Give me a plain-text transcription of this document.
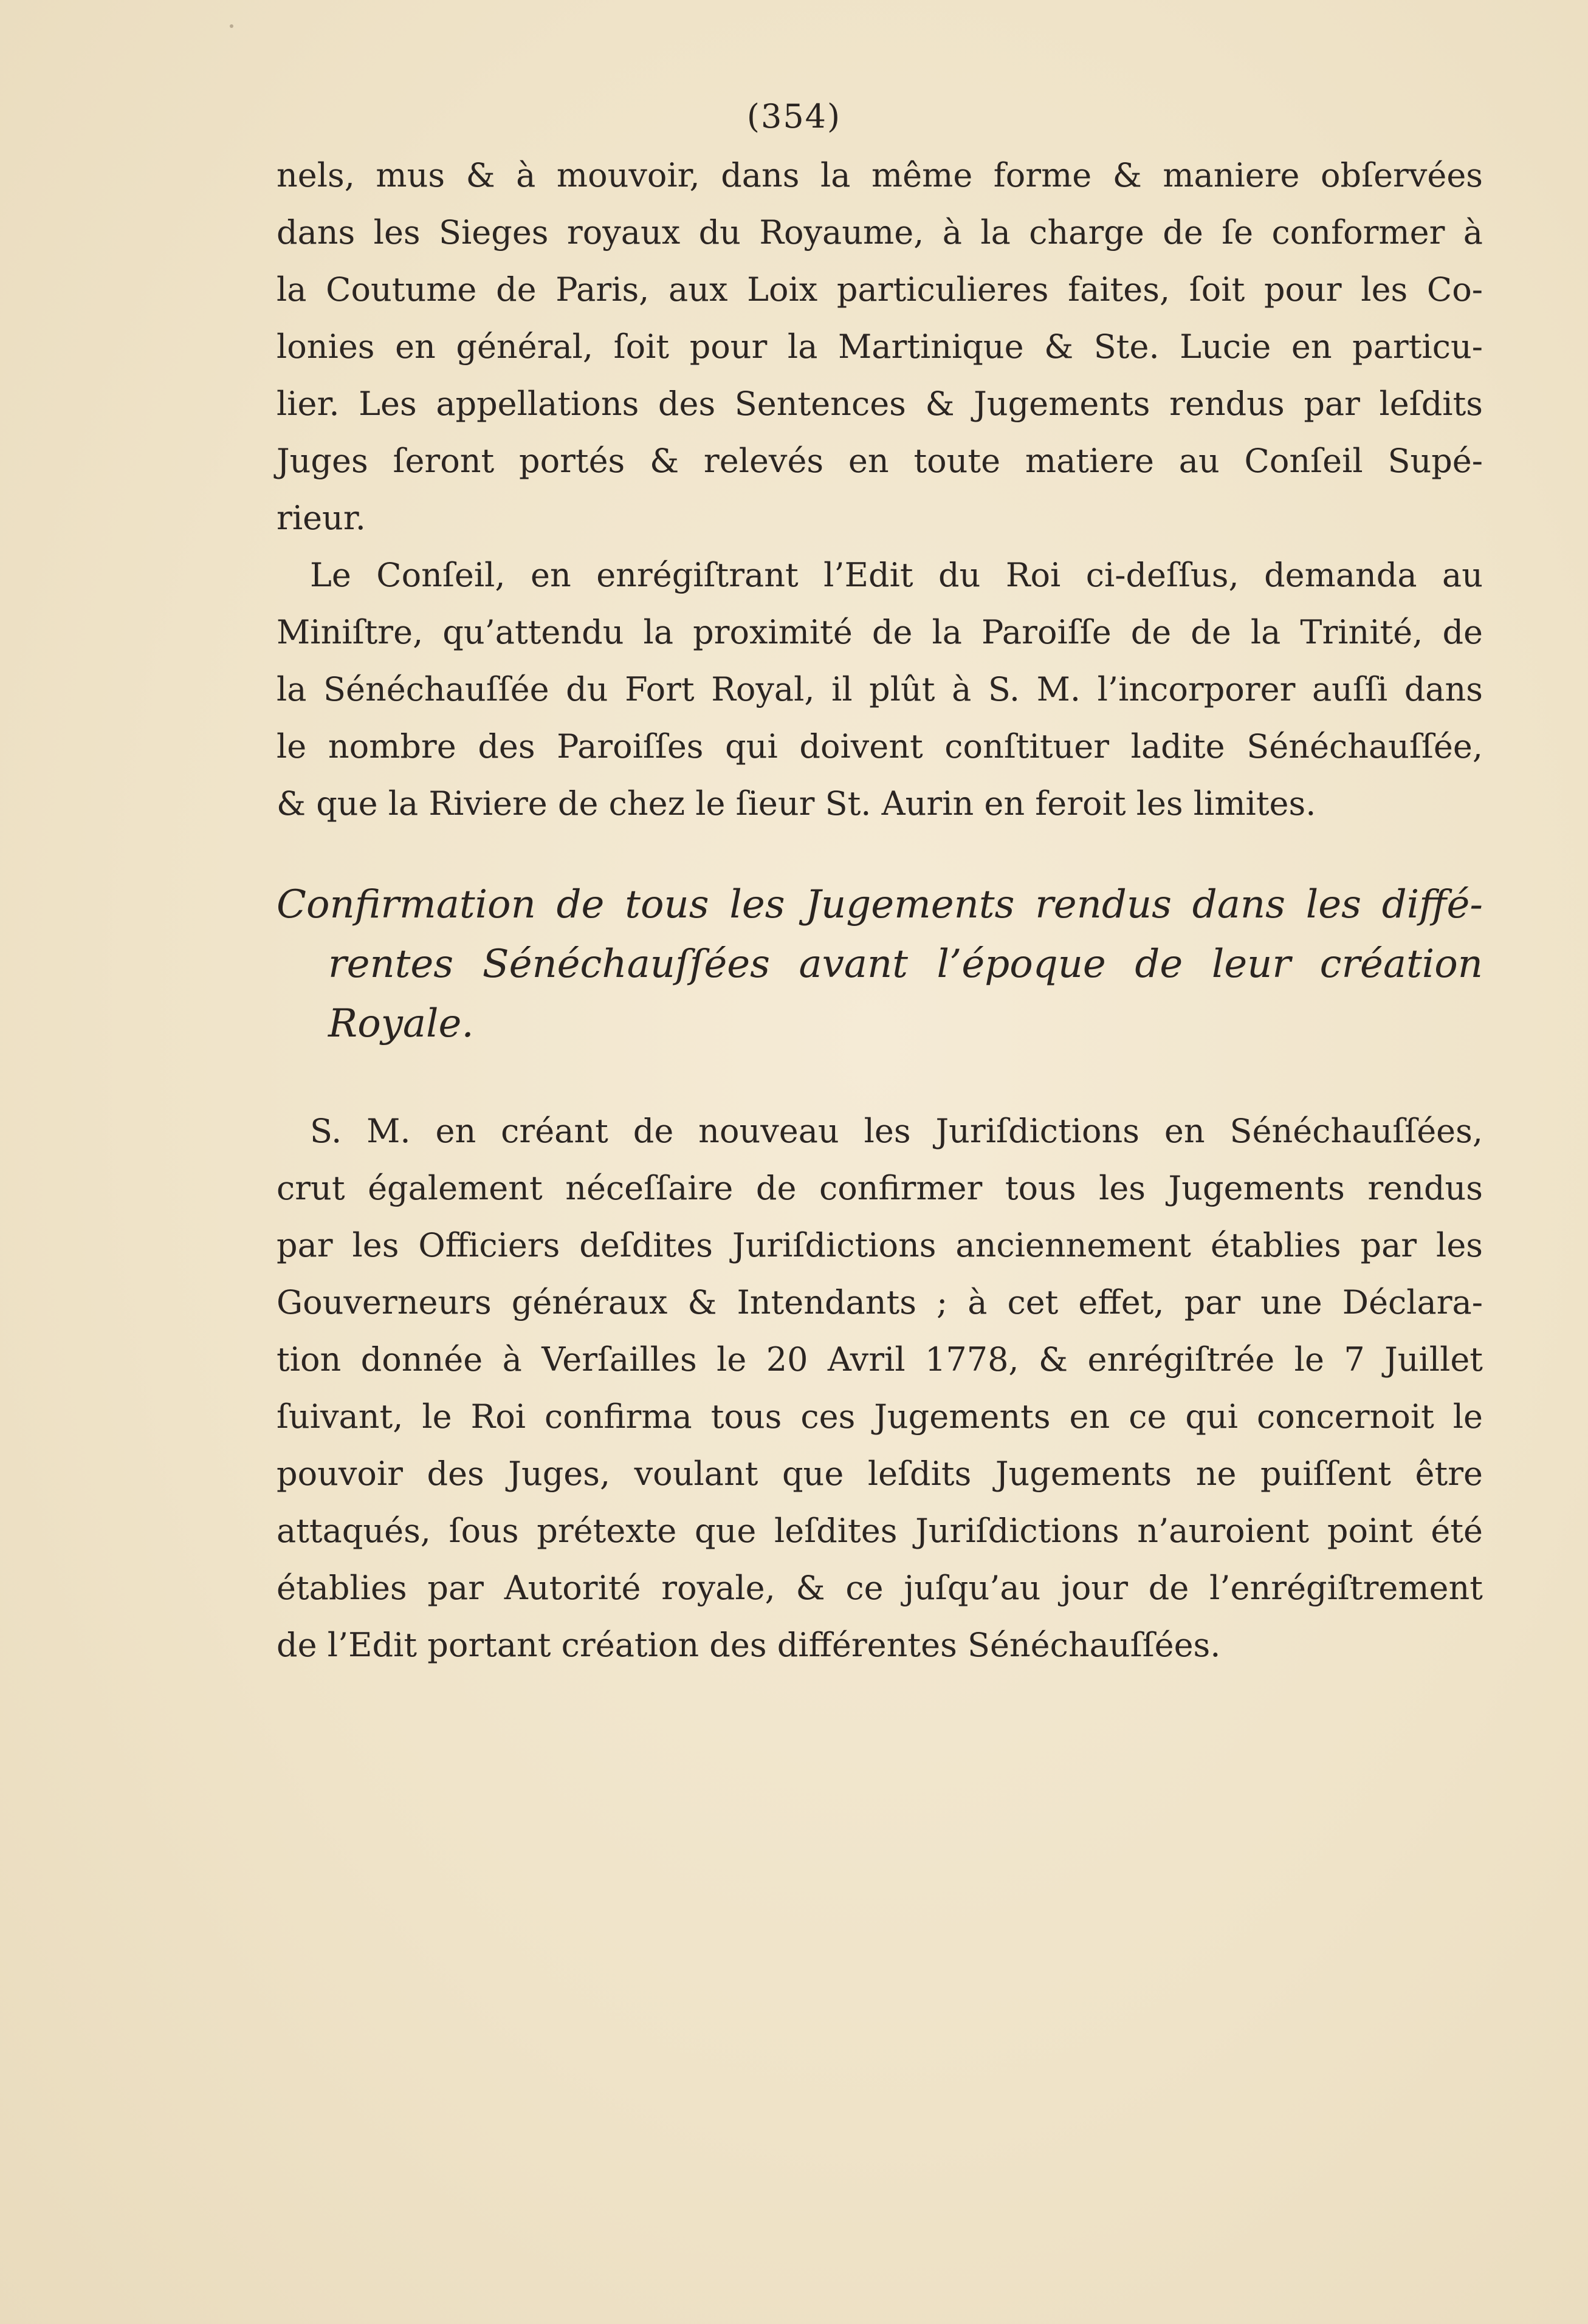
(354)
nels, mus & à mouvoir, dans la même forme & maniere obſervées
dans les Sieges royaux du Royaume, à la charge de ſe conformer à
la Coutume de Paris, aux Loix particulieres faites, ſoit pour les Co-
lonies en général, ſoit pour la Martinique & Ste. Lucie en particu-
lier. Les appellations des Sentences & Jugements rendus par leſdits
Juges ſeront portés & relevés en toute matiere au Conſeil Supé-
rieur.
Le Conſeil, en enrégiſtrant l’Edit du Roi ci-deſſus, demanda au
Miniſtre, qu’attendu la proximité de la Paroiſſe de de la Trinité, de
la Sénéchauſſée du Fort Royal, il plût à S. M. l’incorporer auſſi dans
le nombre des Paroiſſes qui doivent conſtituer ladite Sénéchauſſée,
& que la Riviere de chez le ſieur St. Aurin en feroit les limites.
Confirmation de tous les Jugements rendus dans les diffé-
rentes Sénéchauſſées avant l’époque de leur création
Royale.
S. M. en créant de nouveau les Juriſdictions en Sénéchauſſées,
crut également néceſſaire de confirmer tous les Jugements rendus
par les Officiers deſdites Juriſdictions anciennement établies par les
Gouverneurs généraux & Intendants ; à cet effet, par une Déclara-
tion donnée à Verſailles le 20 Avril 1778, & enrégiſtrée le 7 Juillet
ſuivant, le Roi confirma tous ces Jugements en ce qui concernoit le
pouvoir des Juges, voulant que leſdits Jugements ne puiſſent être
attaqués, ſous prétexte que leſdites Juriſdictions n’auroient point été
établies par Autorité royale, & ce juſqu’au jour de l’enrégiſtrement
de l’Edit portant création des différentes Sénéchauſſées.
